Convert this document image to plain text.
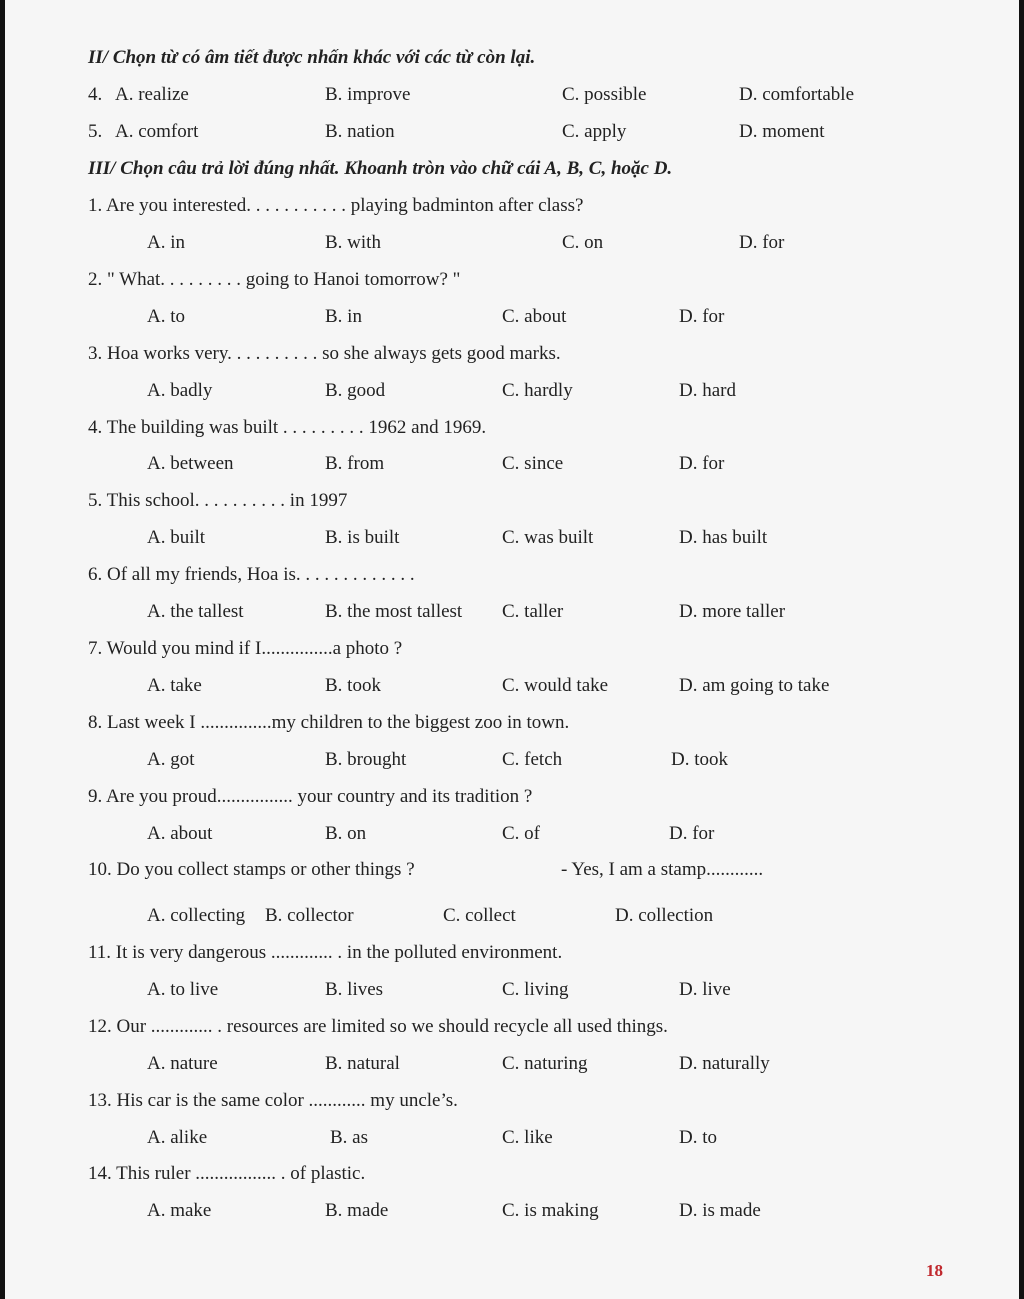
II/ Chọn từ có âm tiết được nhấn khác với các từ còn lại.
4. A. realize	B. improve	C. possible	D. comfortable
5. A. comfort	B. nation	C. apply	D. moment
III/ Chọn câu trả lời đúng nhất. Khoanh tròn vào chữ cái A, B, C, hoặc D.
1. Are you interested. . . . . . . . . . . playing badminton after class?
A. in	B. with	C. on	D. for
2. " What. . . . . . . . . going to Hanoi tomorrow? "
A. to	B. in	C. about	D. for
3. Hoa works very. . . . . . . . . . so she always gets good marks.
A. badly	B. good	C. hardly	D. hard
4. The building was built . . . . . . . . . 1962 and 1969.
A. between	B. from	C. since	D. for
5. This school. . . . . . . . . . in 1997
A. built	B. is built	C. was built	D. has built
6. Of all my friends, Hoa is. . . . . . . . . . . . .
A. the tallest	B. the most tallest C. taller	D. more taller
7. Would you mind if I...............a photo ?
A. take	B. took	C. would take	D. am going to take
8. Last week I ...............my children to the biggest zoo in town.
A. got	B. brought	C. fetch	D. took
9. Are you proud................ your country and its tradition ?
A. about	B. on	C. of	D. for
10. Do you collect stamps or other things ?	- Yes, I am a stamp............
A. collecting B. collector	C. collect	D. collection
11. It is very dangerous ............. . in the polluted environment.
A. to live	B. lives	C. living	D. live
12. Our ............. . resources are limited so we should recycle all used things.
A. nature	B. natural	C. naturing	D. naturally
13. His car is the same color ............ my uncle’s.
A. alike	B. as	C. like	D. to
14. This ruler ................. . of plastic.
A. make	B. made	C. is making	D. is made
18
